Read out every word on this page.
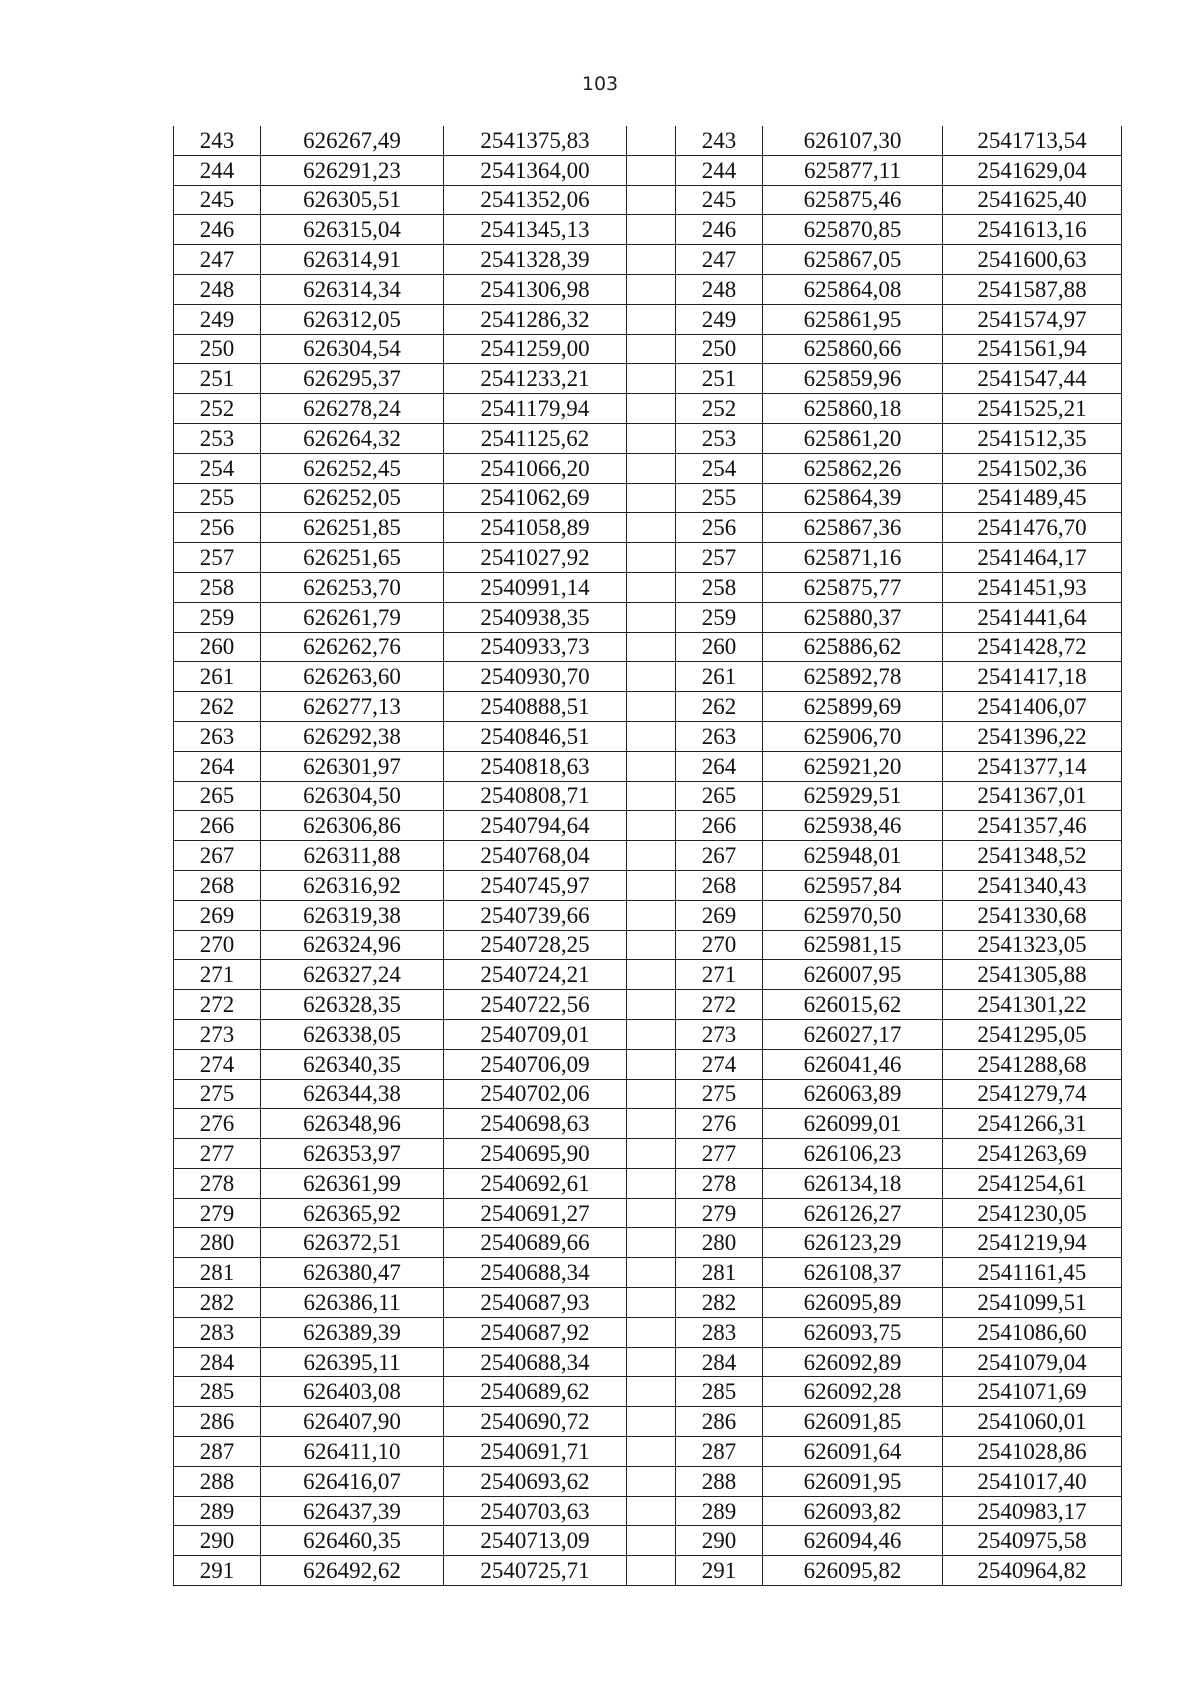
103
243	626267,49	2541375,83		243	626107,30	2541713,54
244	626291,23	2541364,00		244	625877,11	2541629,04
245	626305,51	2541352,06		245	625875,46	2541625,40
246	626315,04	2541345,13		246	625870,85	2541613,16
247	626314,91	2541328,39		247	625867,05	2541600,63
248	626314,34	2541306,98		248	625864,08	2541587,88
249	626312,05	2541286,32		249	625861,95	2541574,97
250	626304,54	2541259,00		250	625860,66	2541561,94
251	626295,37	2541233,21		251	625859,96	2541547,44
252	626278,24	2541179,94		252	625860,18	2541525,21
253	626264,32	2541125,62		253	625861,20	2541512,35
254	626252,45	2541066,20		254	625862,26	2541502,36
255	626252,05	2541062,69		255	625864,39	2541489,45
256	626251,85	2541058,89		256	625867,36	2541476,70
257	626251,65	2541027,92		257	625871,16	2541464,17
258	626253,70	2540991,14		258	625875,77	2541451,93
259	626261,79	2540938,35		259	625880,37	2541441,64
260	626262,76	2540933,73		260	625886,62	2541428,72
261	626263,60	2540930,70		261	625892,78	2541417,18
262	626277,13	2540888,51		262	625899,69	2541406,07
263	626292,38	2540846,51		263	625906,70	2541396,22
264	626301,97	2540818,63		264	625921,20	2541377,14
265	626304,50	2540808,71		265	625929,51	2541367,01
266	626306,86	2540794,64		266	625938,46	2541357,46
267	626311,88	2540768,04		267	625948,01	2541348,52
268	626316,92	2540745,97		268	625957,84	2541340,43
269	626319,38	2540739,66		269	625970,50	2541330,68
270	626324,96	2540728,25		270	625981,15	2541323,05
271	626327,24	2540724,21		271	626007,95	2541305,88
272	626328,35	2540722,56		272	626015,62	2541301,22
273	626338,05	2540709,01		273	626027,17	2541295,05
274	626340,35	2540706,09		274	626041,46	2541288,68
275	626344,38	2540702,06		275	626063,89	2541279,74
276	626348,96	2540698,63		276	626099,01	2541266,31
277	626353,97	2540695,90		277	626106,23	2541263,69
278	626361,99	2540692,61		278	626134,18	2541254,61
279	626365,92	2540691,27		279	626126,27	2541230,05
280	626372,51	2540689,66		280	626123,29	2541219,94
281	626380,47	2540688,34		281	626108,37	2541161,45
282	626386,11	2540687,93		282	626095,89	2541099,51
283	626389,39	2540687,92		283	626093,75	2541086,60
284	626395,11	2540688,34		284	626092,89	2541079,04
285	626403,08	2540689,62		285	626092,28	2541071,69
286	626407,90	2540690,72		286	626091,85	2541060,01
287	626411,10	2540691,71		287	626091,64	2541028,86
288	626416,07	2540693,62		288	626091,95	2541017,40
289	626437,39	2540703,63		289	626093,82	2540983,17
290	626460,35	2540713,09		290	626094,46	2540975,58
291	626492,62	2540725,71		291	626095,82	2540964,82
